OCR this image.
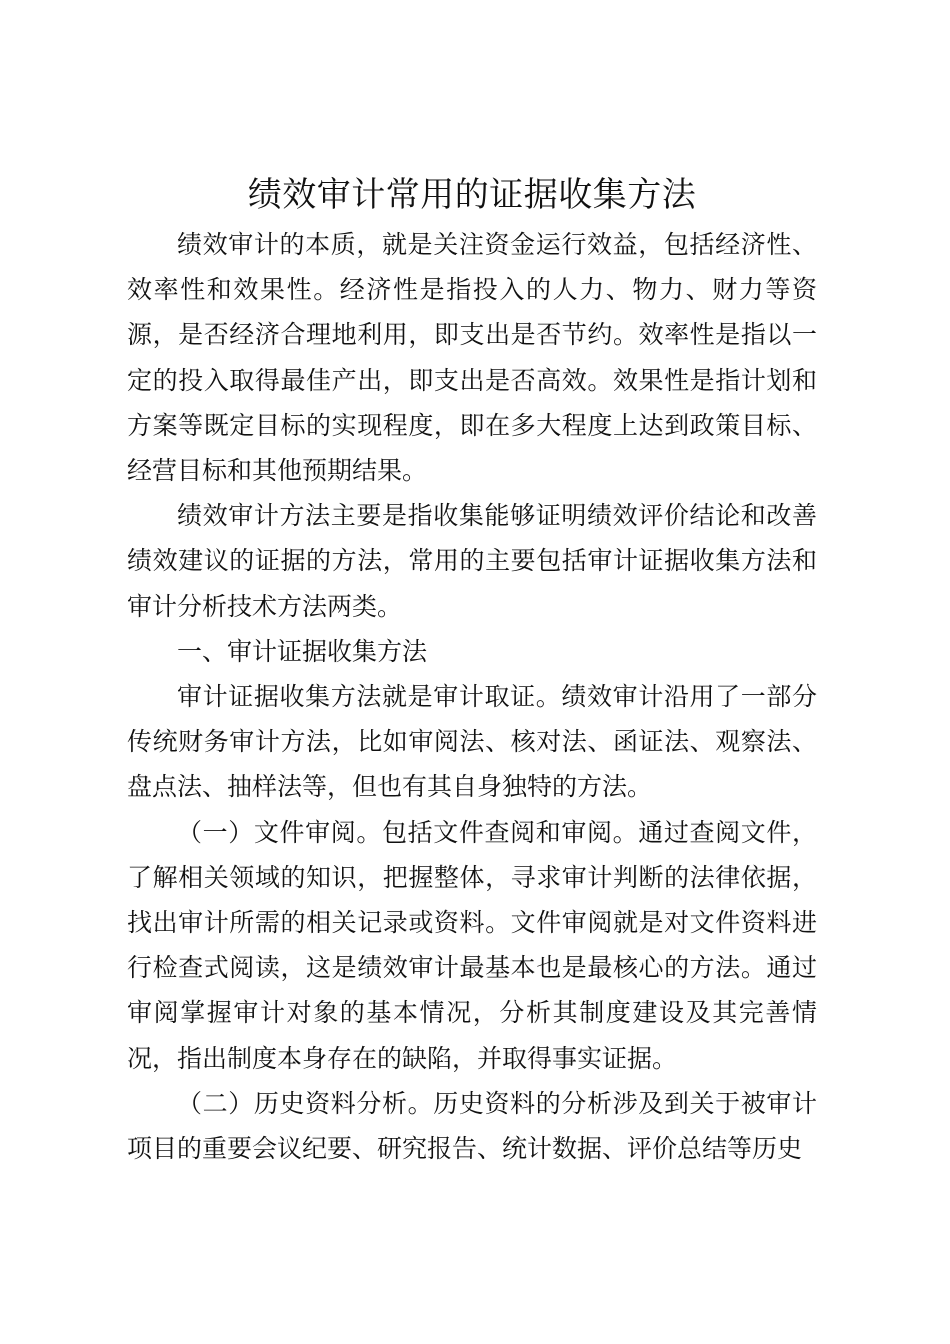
绩效审计常用的证据收集方法

绩效审计的本质，就是关注资金运行效益，包括经济性、效率性和效果性。经济性是指投入的人力、物力、财力等资源，是否经济合理地利用，即支出是否节约。效率性是指以一定的投入取得最佳产出，即支出是否高效。效果性是指计划和方案等既定目标的实现程度，即在多大程度上达到政策目标、经营目标和其他预期结果。

绩效审计方法主要是指收集能够证明绩效评价结论和改善绩效建议的证据的方法，常用的主要包括审计证据收集方法和审计分析技术方法两类。

一、审计证据收集方法

审计证据收集方法就是审计取证。绩效审计沿用了一部分传统财务审计方法，比如审阅法、核对法、函证法、观察法、盘点法、抽样法等，但也有其自身独特的方法。

（一）文件审阅。包括文件查阅和审阅。通过查阅文件，了解相关领域的知识，把握整体，寻求审计判断的法律依据，找出审计所需的相关记录或资料。文件审阅就是对文件资料进行检查式阅读，这是绩效审计最基本也是最核心的方法。通过审阅掌握审计对象的基本情况，分析其制度建设及其完善情况，指出制度本身存在的缺陷，并取得事实证据。

（二）历史资料分析。历史资料的分析涉及到关于被审计项目的重要会议纪要、研究报告、统计数据、评价总结等历史
